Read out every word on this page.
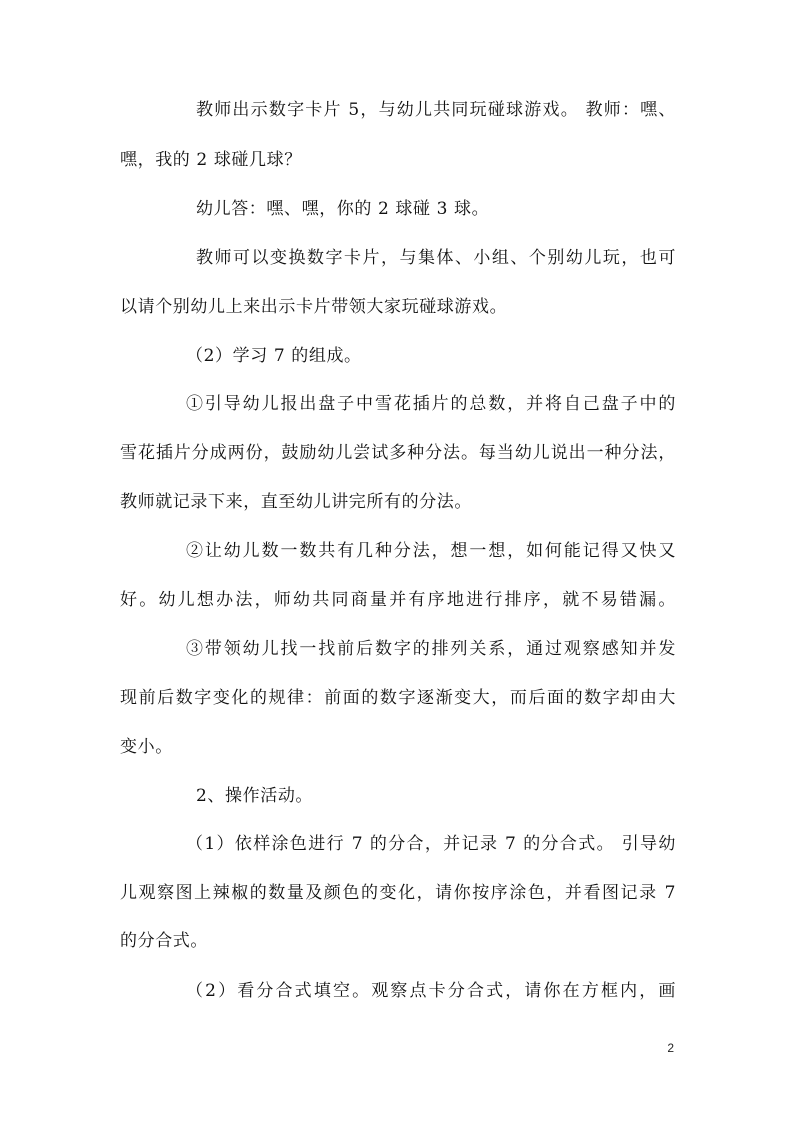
教师出示数字卡片 5，与幼儿共同玩碰球游戏。 教师：嘿、
嘿，我的 2 球碰几球？
幼儿答：嘿、嘿，你的 2 球碰 3 球。
教师可以变换数字卡片，与集体、小组、个别幼儿玩，也可
以请个别幼儿上来出示卡片带领大家玩碰球游戏。
（2）学习 7 的组成。
①引导幼儿报出盘子中雪花插片的总数，并将自己盘子中的
雪花插片分成两份，鼓励幼儿尝试多种分法。每当幼儿说出一种分法，
教师就记录下来，直至幼儿讲完所有的分法。
②让幼儿数一数共有几种分法，想一想，如何能记得又快又
好。幼儿想办法，师幼共同商量并有序地进行排序，就不易错漏。
③带领幼儿找一找前后数字的排列关系，通过观察感知并发
现前后数字变化的规律：前面的数字逐渐变大，而后面的数字却由大
变小。
2、操作活动。
（1）依样涂色进行 7 的分合，并记录 7 的分合式。 引导幼
儿观察图上辣椒的数量及颜色的变化，请你按序涂色，并看图记录 7
的分合式。
（2）看分合式填空。观察点卡分合式，请你在方框内，画
2
